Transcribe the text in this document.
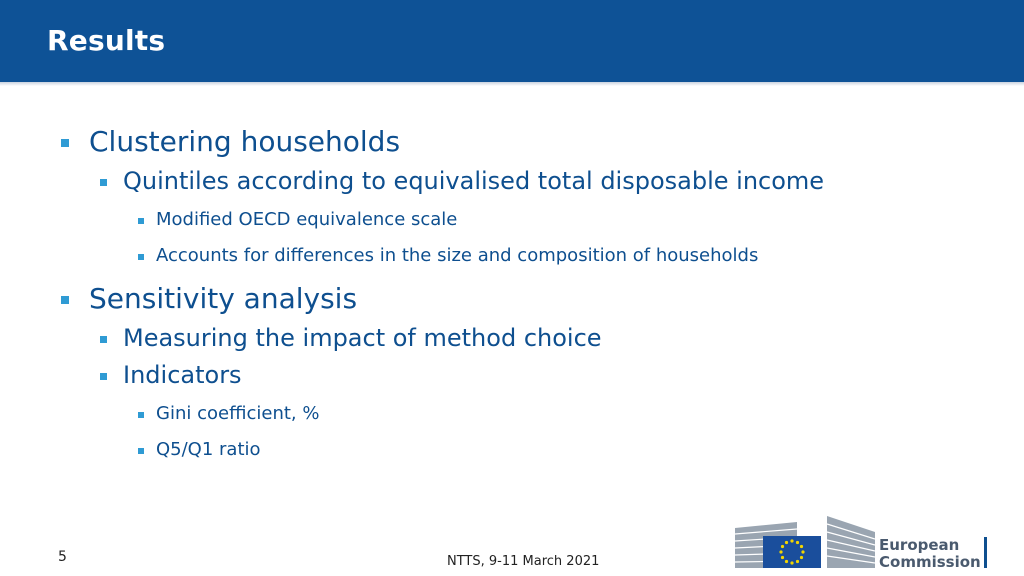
Results
Clustering households
Quintiles according to equivalised total disposable income
Modified OECD equivalence scale
Accounts for differences in the size and composition of households
Sensitivity analysis
Measuring the impact of method choice
Indicators
Gini coefficient, %
Q5/Q1 ratio
5	NTTS, 9-11 March 2021
European
Commission
